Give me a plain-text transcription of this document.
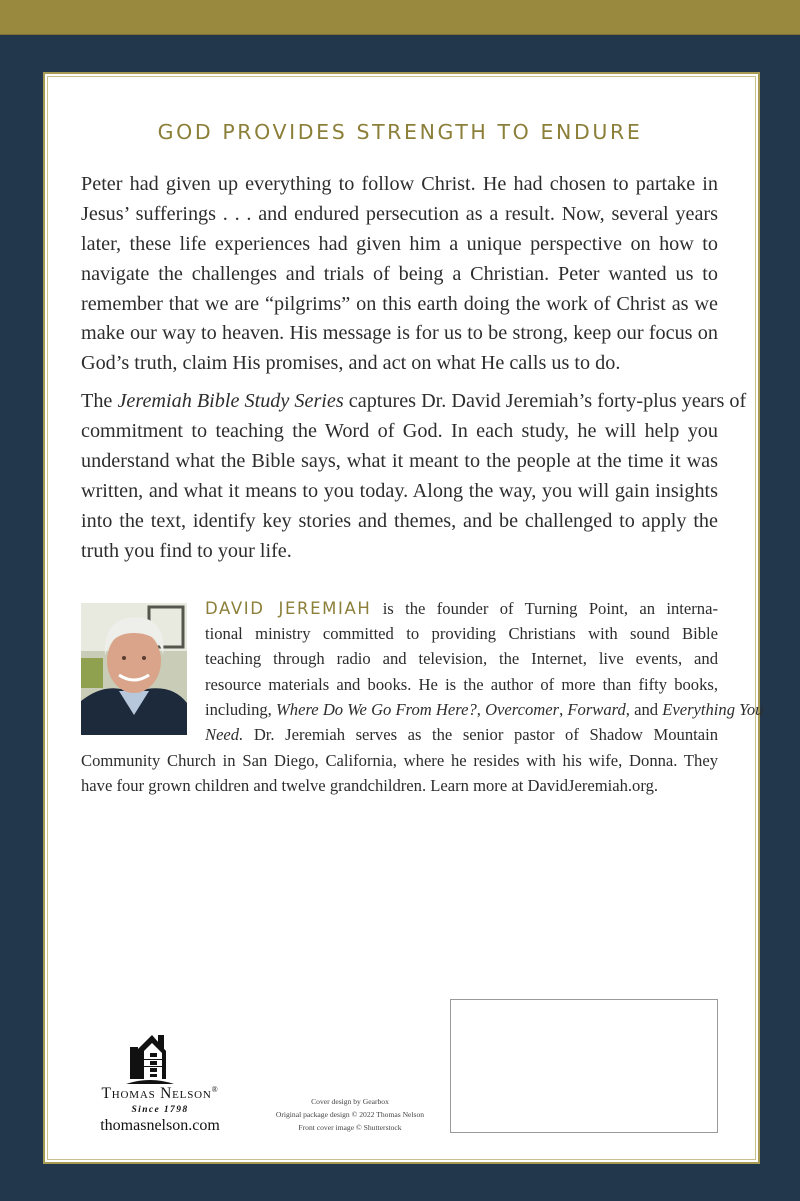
GOD PROVIDES STRENGTH TO ENDURE
Peter had given up everything to follow Christ. He had chosen to partake in
Jesus’ sufferings . . . and endured persecution as a result. Now, several years
later, these life experiences had given him a unique perspective on how to
navigate the challenges and trials of being a Christian. Peter wanted us to
remember that we are “pilgrims” on this earth doing the work of Christ as we
make our way to heaven. His message is for us to be strong, keep our focus on
God’s truth, claim His promises, and act on what He calls us to do.
The Jeremiah Bible Study Series captures Dr. David Jeremiah’s forty-plus years of
commitment to teaching the Word of God. In each study, he will help you
understand what the Bible says, what it meant to the people at the time it was
written, and what it means to you today. Along the way, you will gain insights
into the text, identify key stories and themes, and be challenged to apply the
truth you find to your life.
DAVID JEREMIAH is the founder of Turning Point, an interna-
tional ministry committed to providing Christians with sound Bible
teaching through radio and television, the Internet, live events, and
resource materials and books. He is the author of more than fifty books,
including, Where Do We Go From Here?, Overcomer, Forward, and Everything You
Need. Dr. Jeremiah serves as the senior pastor of Shadow Mountain
Community Church in San Diego, California, where he resides with his wife, Donna. They
have four grown children and twelve grandchildren. Learn more at DavidJeremiah.org.
Thomas Nelson®
Since 1798
thomasnelson.com
Cover design by Gearbox
Original package design © 2022 Thomas Nelson
Front cover image © Shutterstock
